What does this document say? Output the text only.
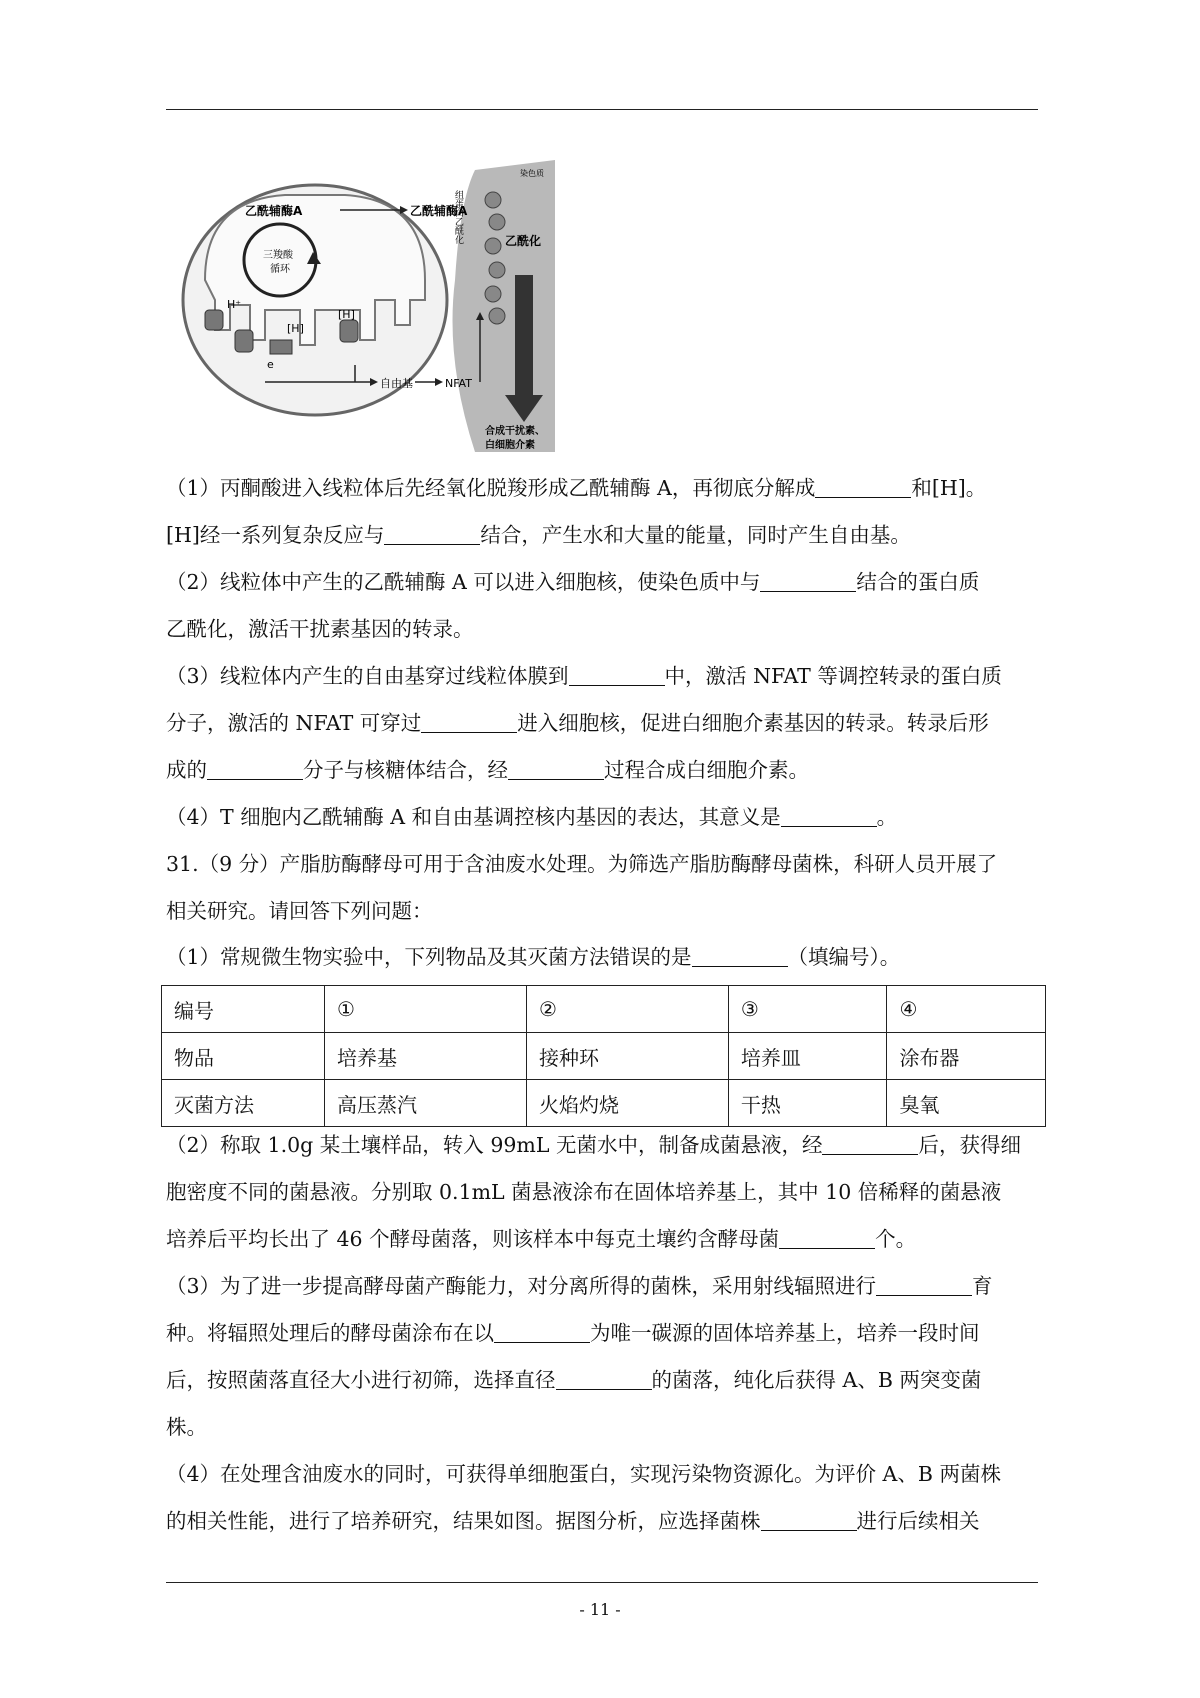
乙酰辅酶A	乙酰辅酶A
三羧酸
循环
H⁺
[H]
[H]
e
自由基	NFAT
染色质
乙酰化
组蛋白乙酰化
合成干扰素、
白细胞介素
（1）丙酮酸进入线粒体后先经氧化脱羧形成乙酰辅酶 A，再彻底分解成	和[H]。
[H]经一系列复杂反应与	结合，产生水和大量的能量，同时产生自由基。
（2）线粒体中产生的乙酰辅酶 A 可以进入细胞核，使染色质中与	结合的蛋白质
乙酰化，激活干扰素基因的转录。
（3）线粒体内产生的自由基穿过线粒体膜到	中，激活 NFAT 等调控转录的蛋白质
分子，激活的 NFAT 可穿过	进入细胞核，促进白细胞介素基因的转录。转录后形
成的	分子与核糖体结合，经	过程合成白细胞介素。
（4）T 细胞内乙酰辅酶 A 和自由基调控核内基因的表达，其意义是	。
31.（9 分）产脂肪酶酵母可用于含油废水处理。为筛选产脂肪酶酵母菌株，科研人员开展了
相关研究。请回答下列问题：
（1）常规微生物实验中，下列物品及其灭菌方法错误的是	（填编号）。
编号	①	②	③	④
物品	培养基	接种环	培养皿	涂布器
灭菌方法	高压蒸汽	火焰灼烧	干热	臭氧
（2）称取 1.0g 某土壤样品，转入 99mL 无菌水中，制备成菌悬液，经	后，获得细
胞密度不同的菌悬液。分别取 0.1mL 菌悬液涂布在固体培养基上，其中 10 倍稀释的菌悬液
培养后平均长出了 46 个酵母菌落，则该样本中每克土壤约含酵母菌	个。
（3）为了进一步提高酵母菌产酶能力，对分离所得的菌株，采用射线辐照进行	育
种。将辐照处理后的酵母菌涂布在以	为唯一碳源的固体培养基上，培养一段时间
后，按照菌落直径大小进行初筛，选择直径	的菌落，纯化后获得 A、B 两突变菌
株。
（4）在处理含油废水的同时，可获得单细胞蛋白，实现污染物资源化。为评价 A、B 两菌株
的相关性能，进行了培养研究，结果如图。据图分析，应选择菌株	进行后续相关
- 11 -
